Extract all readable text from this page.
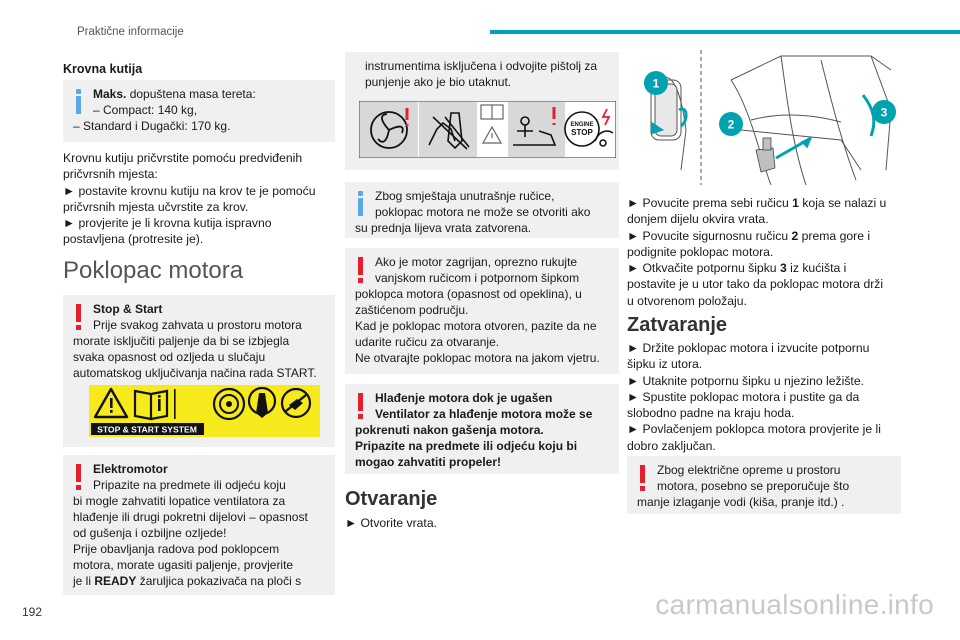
Praktične informacije
Krovna kutija
Maks. dopuštena masa tereta:
– Compact: 140 kg,
– Standard i Dugački: 170 kg.
Krovnu kutiju pričvrstite pomoću predviđenih
pričvrsnih mjesta:
► postavite krovnu kutiju na krov te je pomoću
pričvrsnih mjesta učvrstite za krov.
► provjerite je li krovna kutija ispravno
postavljena (protresite je).
Poklopac motora
Stop & Start
Prije svakog zahvata u prostoru motora
morate isključiti paljenje da bi se izbjegla
svaka opasnost od ozljeda u slučaju
automatskog uključivanja načina rada START.
STOP & START SYSTEM
Elektromotor
Pripazite na predmete ili odjeću koju
bi mogle zahvatiti lopatice ventilatora za
hlađenje ili drugi pokretni dijelovi – opasnost
od gušenja i ozbiljne ozljede!
Prije obavljanja radova pod poklopcem
motora, morate ugasiti paljenje, provjerite
je li READY žaruljica pokazivača na ploči s
instrumentima isključena i odvojite pištolj za
punjenje ako je bio utaknut.
ENGINE
STOP
Zbog smještaja unutrašnje ručice,
poklopac motora ne može se otvoriti ako
su prednja lijeva vrata zatvorena.
Ako je motor zagrijan, oprezno rukujte
vanjskom ručicom i potpornom šipkom
poklopca motora (opasnost od opeklina), u
zaštićenom području.
Kad je poklopac motora otvoren, pazite da ne
udarite ručicu za otvaranje.
Ne otvarajte poklopac motora na jakom vjetru.
Hlađenje motora dok je ugašen
Ventilator za hlađenje motora može se
pokrenuti nakon gašenja motora.
Pripazite na predmete ili odjeću koju bi
mogao zahvatiti propeler!
Otvaranje
► Otvorite vrata.
1
2
3
► Povucite prema sebi ručicu 1 koja se nalazi u
donjem dijelu okvira vrata.
► Povucite sigurnosnu ručicu 2 prema gore i
podignite poklopac motora.
► Otkvačite potpornu šipku 3 iz kućišta i
postavite je u utor tako da poklopac motora drži
u otvorenom položaju.
Zatvaranje
► Držite poklopac motora i izvucite potpornu
šipku iz utora.
► Utaknite potpornu šipku u njezino ležište.
► Spustite poklopac motora i pustite ga da
slobodno padne na kraju hoda.
► Povlačenjem poklopca motora provjerite je li
dobro zaključan.
Zbog električne opreme u prostoru
motora, posebno se preporučuje što
manje izlaganje vodi (kiša, pranje itd.) .
192	carmanualsonline.info
